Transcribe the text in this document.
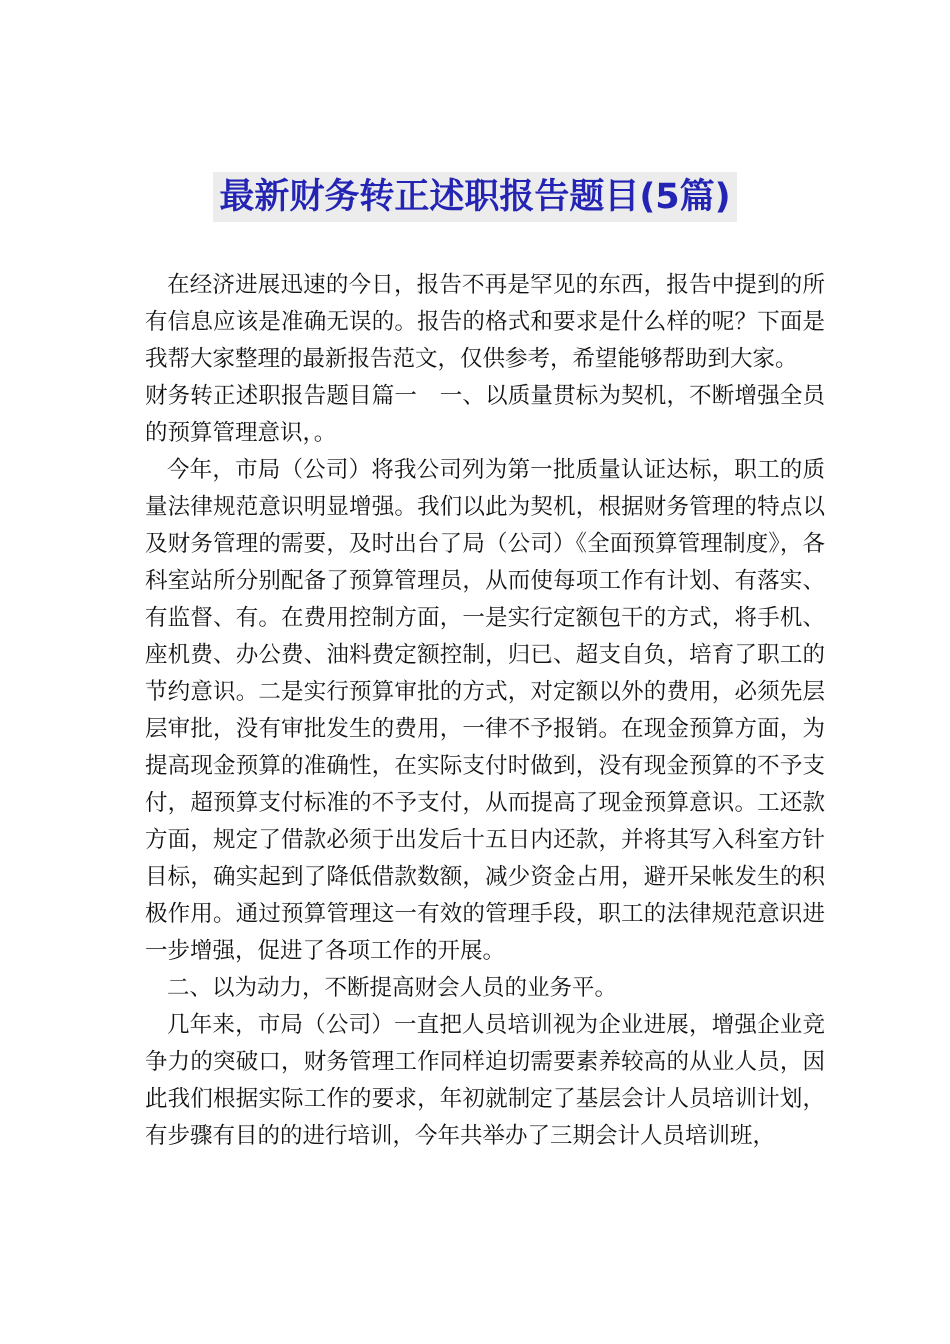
最新财务转正述职报告题目(5篇)

在经济进展迅速的今日，报告不再是罕见的东西，报告中提到的所有信息应该是准确无误的。报告的格式和要求是什么样的呢？下面是我帮大家整理的最新报告范文，仅供参考，希望能够帮助到大家。

财务转正述职报告题目篇一　一、以质量贯标为契机，不断增强全员的预算管理意识，。

今年，市局（公司）将我公司列为第一批质量认证达标，职工的质量法律规范意识明显增强。我们以此为契机，根据财务管理的特点以及财务管理的需要，及时出台了局（公司）《全面预算管理制度》，各科室站所分别配备了预算管理员，从而使每项工作有计划、有落实、有监督、有。在费用控制方面，一是实行定额包干的方式，将手机、座机费、办公费、油料费定额控制，归已、超支自负，培育了职工的节约意识。二是实行预算审批的方式，对定额以外的费用，必须先层层审批，没有审批发生的费用，一律不予报销。在现金预算方面，为提高现金预算的准确性，在实际支付时做到，没有现金预算的不予支付，超预算支付标准的不予支付，从而提高了现金预算意识。工还款方面，规定了借款必须于出发后十五日内还款，并将其写入科室方针目标，确实起到了降低借款数额，减少资金占用，避开呆帐发生的积极作用。通过预算管理这一有效的管理手段，职工的法律规范意识进一步增强，促进了各项工作的开展。

二、以为动力，不断提高财会人员的业务平。

几年来，市局（公司）一直把人员培训视为企业进展，增强企业竞争力的突破口，财务管理工作同样迫切需要素养较高的从业人员，因此我们根据实际工作的要求，年初就制定了基层会计人员培训计划，有步骤有目的的进行培训，今年共举办了三期会计人员培训班，
